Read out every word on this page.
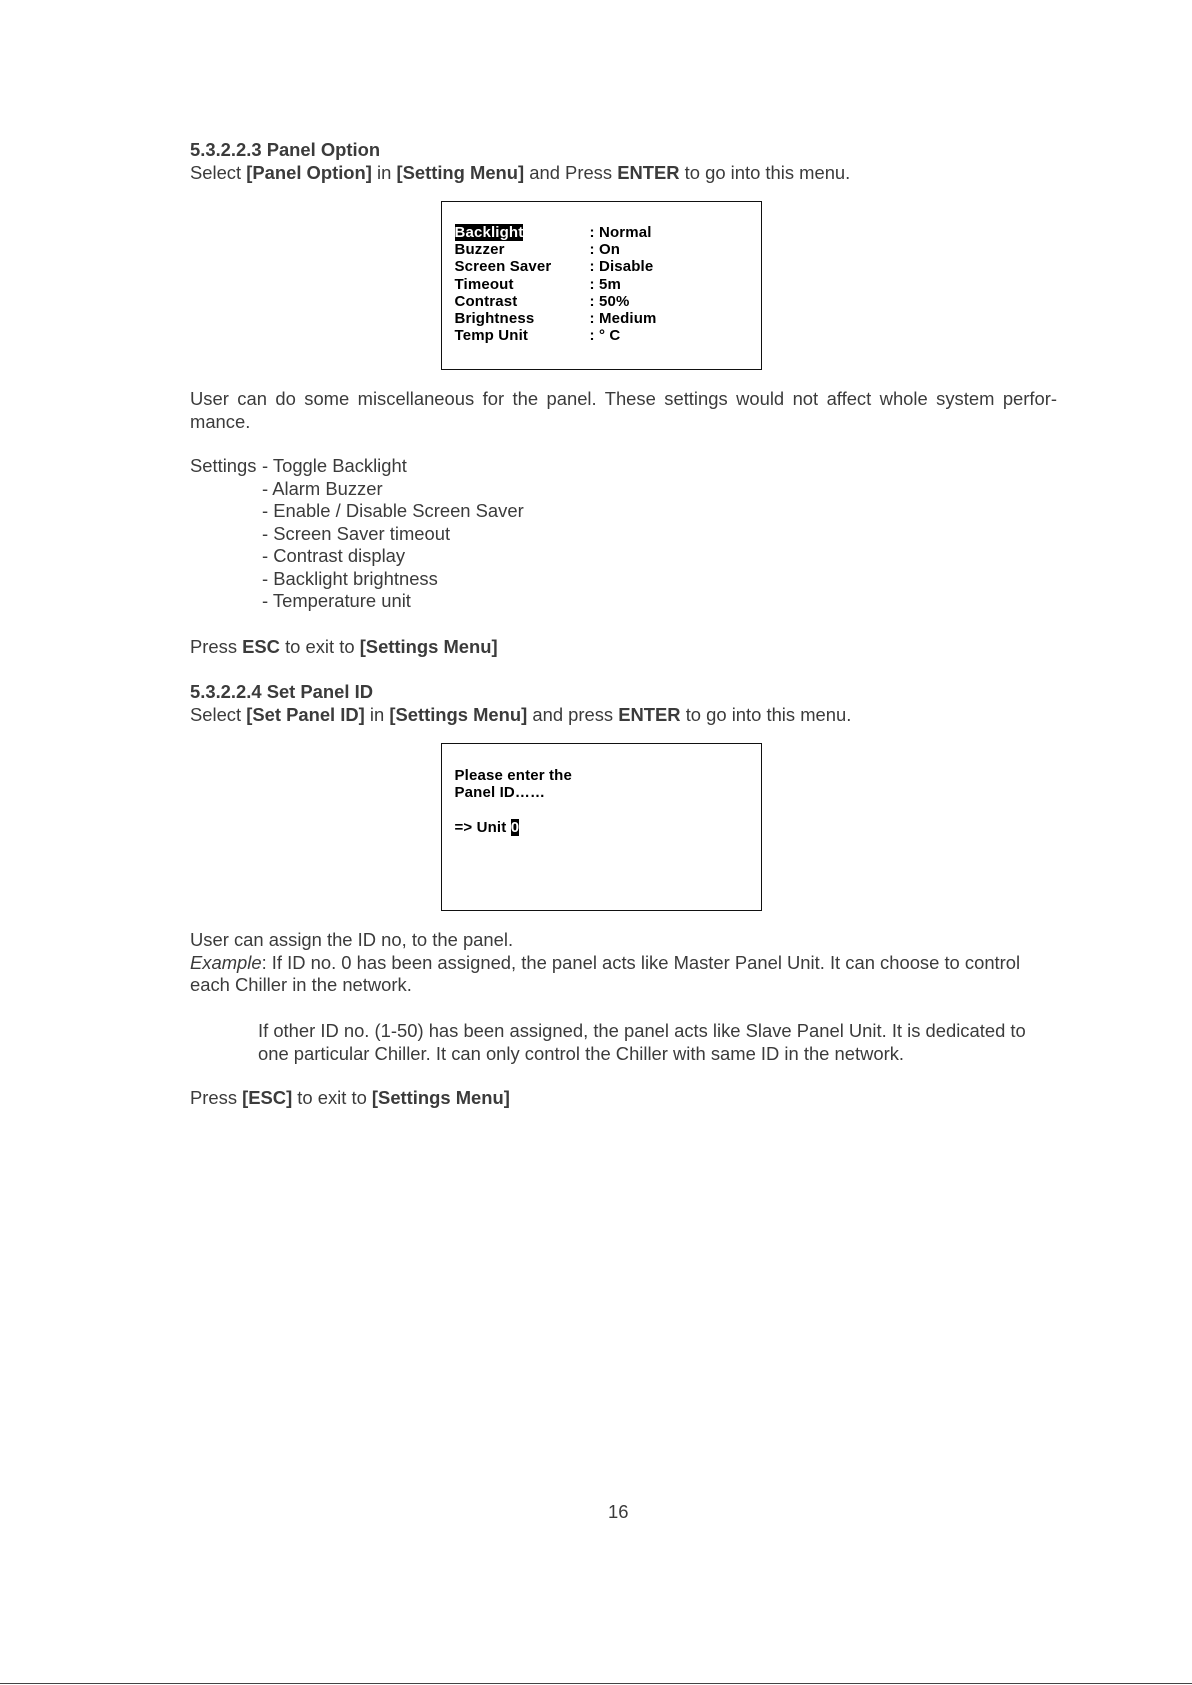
5.3.2.2.3 Panel Option
Select [Panel Option] in [Setting Menu] and Press ENTER to go into this menu.
Backlight	: Normal
Buzzer	: On
Screen Saver	: Disable
Timeout	: 5m
Contrast	: 50%
Brightness	: Medium
Temp Unit	: ° C
User can do some miscellaneous for the panel. These settings would not affect whole system perfor-
mance.
Settings - Toggle Backlight
- Alarm Buzzer
- Enable / Disable Screen Saver
- Screen Saver timeout
- Contrast display
- Backlight brightness
- Temperature unit
Press ESC to exit to [Settings Menu]
5.3.2.2.4 Set Panel ID
Select [Set Panel ID] in [Settings Menu] and press ENTER to go into this menu.
Please enter the
Panel ID……
=> Unit 0
User can assign the ID no, to the panel.
Example: If ID no. 0 has been assigned, the panel acts like Master Panel Unit. It can choose to control
each Chiller in the network.
If other ID no. (1-50) has been assigned, the panel acts like Slave Panel Unit. It is dedicated to
one particular Chiller. It can only control the Chiller with same ID in the network.
Press [ESC] to exit to [Settings Menu]
16
